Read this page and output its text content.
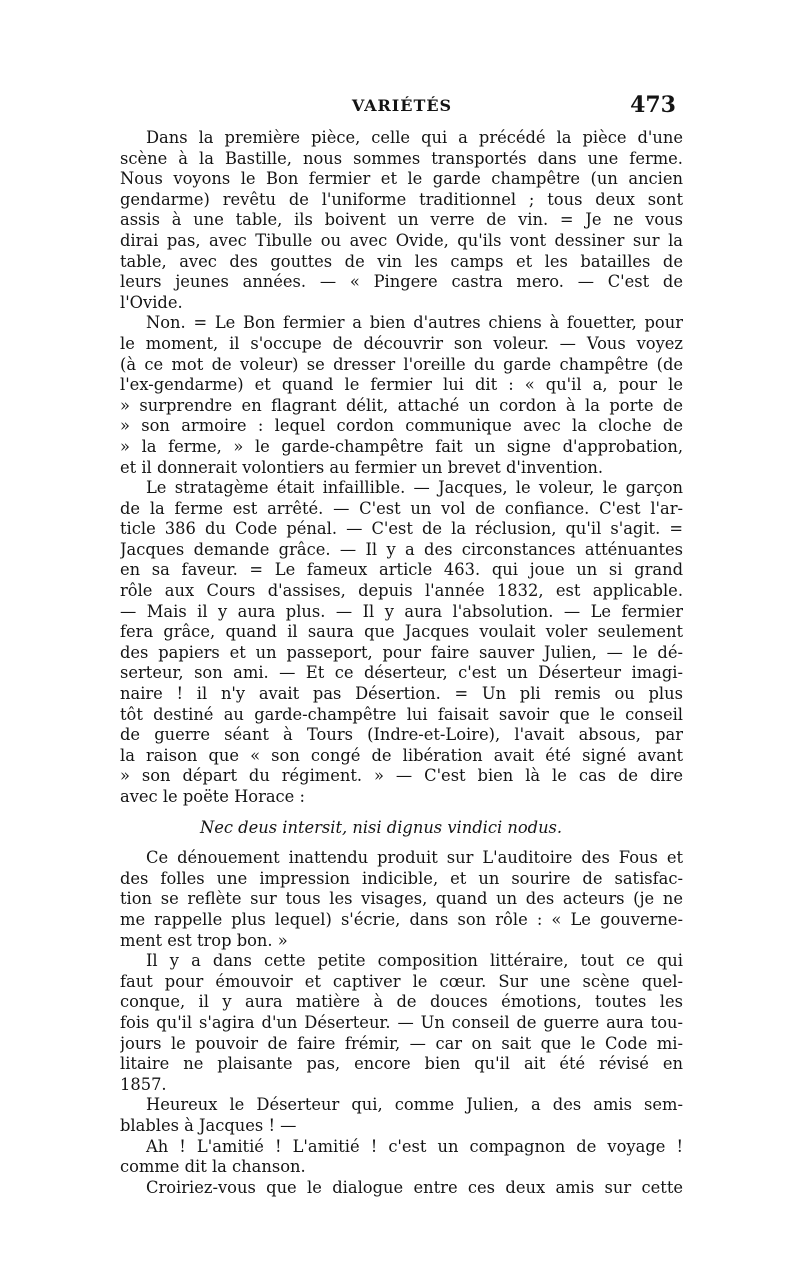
VARIÉTÉS	473
Dans la première pièce, celle qui a précédé la pièce d'une
scène à la Bastille, nous sommes transportés dans une ferme.
Nous voyons le Bon fermier et le garde champêtre (un ancien
gendarme) revêtu de l'uniforme traditionnel ; tous deux sont
assis à une table, ils boivent un verre de vin. = Je ne vous
dirai pas, avec Tibulle ou avec Ovide, qu'ils vont dessiner sur la
table, avec des gouttes de vin les camps et les batailles de
leurs jeunes années. — « Pingere castra mero. — C'est de
l'Ovide.
Non. = Le Bon fermier a bien d'autres chiens à fouetter, pour
le moment, il s'occupe de découvrir son voleur. — Vous voyez
(à ce mot de voleur) se dresser l'oreille du garde champêtre (de
l'ex-gendarme) et quand le fermier lui dit : « qu'il a, pour le
» surprendre en flagrant délit, attaché un cordon à la porte de
» son armoire : lequel cordon communique avec la cloche de
» la ferme, » le garde-champêtre fait un signe d'approbation,
et il donnerait volontiers au fermier un brevet d'invention.
Le stratagème était infaillible. — Jacques, le voleur, le garçon
de la ferme est arrêté. — C'est un vol de confiance. C'est l'ar-
ticle 386 du Code pénal. — C'est de la réclusion, qu'il s'agit. =
Jacques demande grâce. — Il y a des circonstances atténuantes
en sa faveur. = Le fameux article 463. qui joue un si grand
rôle aux Cours d'assises, depuis l'année 1832, est applicable.
— Mais il y aura plus. — Il y aura l'absolution. — Le fermier
fera grâce, quand il saura que Jacques voulait voler seulement
des papiers et un passeport, pour faire sauver Julien, — le dé-
serteur, son ami. — Et ce déserteur, c'est un Déserteur imagi-
naire ! il n'y avait pas Désertion. = Un pli remis ou plus
tôt destiné au garde-champêtre lui faisait savoir que le conseil
de guerre séant à Tours (Indre-et-Loire), l'avait absous, par
la raison que « son congé de libération avait été signé avant
» son départ du régiment. » — C'est bien là le cas de dire
avec le poëte Horace :
Nec deus intersit, nisi dignus vindici nodus.
Ce dénouement inattendu produit sur L'auditoire des Fous et
des folles une impression indicible, et un sourire de satisfac-
tion se reflète sur tous les visages, quand un des acteurs (je ne
me rappelle plus lequel) s'écrie, dans son rôle : « Le gouverne-
ment est trop bon. »
Il y a dans cette petite composition littéraire, tout ce qui
faut pour émouvoir et captiver le cœur. Sur une scène quel-
conque, il y aura matière à de douces émotions, toutes les
fois qu'il s'agira d'un Déserteur. — Un conseil de guerre aura tou-
jours le pouvoir de faire frémir, — car on sait que le Code mi-
litaire ne plaisante pas, encore bien qu'il ait été révisé en
1857.
Heureux le Déserteur qui, comme Julien, a des amis sem-
blables à Jacques ! —
Ah ! L'amitié ! L'amitié ! c'est un compagnon de voyage !
comme dit la chanson.
Croiriez-vous que le dialogue entre ces deux amis sur cette
